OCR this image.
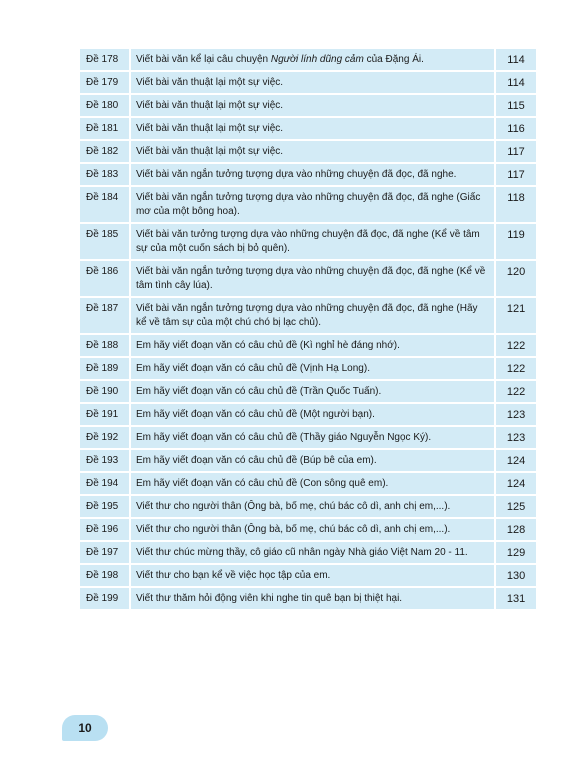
Đề 178	Viết bài văn kể lại câu chuyện Người lính dũng cảm của Đặng Ái.	114
Đề 179	Viết bài văn thuật lại một sự việc.	114
Đề 180	Viết bài văn thuật lại một sự việc.	115
Đề 181	Viết bài văn thuật lại một sự việc.	116
Đề 182	Viết bài văn thuật lại một sự việc.	117
Đề 183	Viết bài văn ngắn tưởng tượng dựa vào những chuyện đã đọc, đã nghe.	117
Đề 184	Viết bài văn ngắn tưởng tượng dựa vào những chuyện đã đọc, đã nghe (Giấc mơ của một bông hoa).	118
Đề 185	Viết bài văn tưởng tượng dựa vào những chuyện đã đọc, đã nghe (Kể về tâm sự của một cuốn sách bị bỏ quên).	119
Đề 186	Viết bài văn ngắn tưởng tượng dựa vào những chuyện đã đọc, đã nghe (Kể về tâm tình cây lúa).	120
Đề 187	Viết bài văn ngắn tưởng tượng dựa vào những chuyện đã đọc, đã nghe (Hãy kể về tâm sự của một chú chó bị lạc chủ).	121
Đề 188	Em hãy viết đoạn văn có câu chủ đề (Kì nghỉ hè đáng nhớ).	122
Đề 189	Em hãy viết đoạn văn có câu chủ đề (Vịnh Hạ Long).	122
Đề 190	Em hãy viết đoạn văn có câu chủ đề (Trần Quốc Tuấn).	122
Đề 191	Em hãy viết đoạn văn có câu chủ đề (Một người bạn).	123
Đề 192	Em hãy viết đoạn văn có câu chủ đề (Thầy giáo Nguyễn Ngọc Ký).	123
Đề 193	Em hãy viết đoạn văn có câu chủ đề (Búp bê của em).	124
Đề 194	Em hãy viết đoạn văn có câu chủ đề (Con sông quê em).	124
Đề 195	Viết thư cho người thân (Ông bà, bố mẹ, chú bác cô dì, anh chị em,...).	125
Đề 196	Viết thư cho người thân (Ông bà, bố mẹ, chú bác cô dì, anh chị em,...).	128
Đề 197	Viết thư chúc mừng thầy, cô giáo cũ nhân ngày Nhà giáo Việt Nam 20 - 11.	129
Đề 198	Viết thư cho bạn kể về việc học tập của em.	130
Đề 199	Viết thư thăm hỏi động viên khi nghe tin quê bạn bị thiệt hại.	131
10
